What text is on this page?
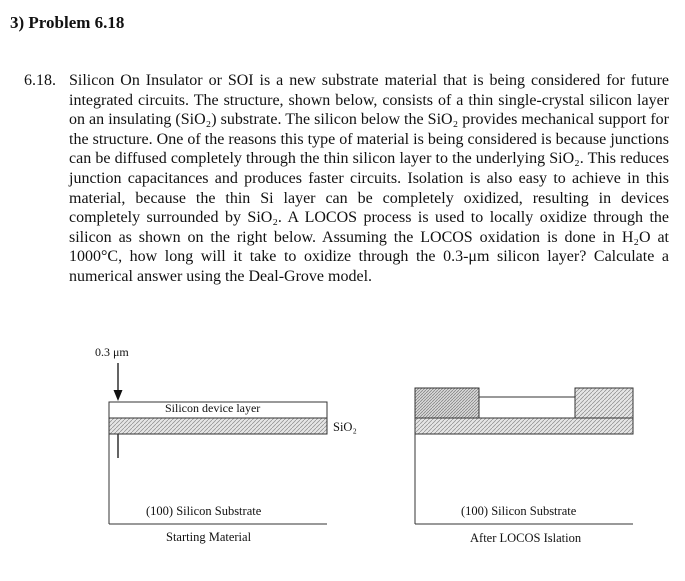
3) Problem 6.18
6.18. Silicon On Insulator or SOI is a new substrate material that is being considered for future integrated circuits. The structure, shown below, consists of a thin single-crystal silicon layer on an insulating (SiO₂) substrate. The silicon below the SiO₂ provides mechanical support for the structure. One of the reasons this type of material is being considered is because junctions can be diffused completely through the thin silicon layer to the underlying SiO₂. This reduces junction capacitances and produces faster circuits. Isolation is also easy to achieve in this material, because the thin Si layer can be completely oxidized, resulting in devices completely surrounded by SiO₂. A LOCOS process is used to locally oxidize through the silicon as shown on the right below. Assuming the LOCOS oxidation is done in H₂O at 1000°C, how long will it take to oxidize through the 0.3-μm silicon layer? Calculate a numerical answer using the Deal-Grove model.
0.3 μm
Silicon device layer
SiO₂
(100) Silicon Substrate
Starting Material
(100) Silicon Substrate
After LOCOS Islation
